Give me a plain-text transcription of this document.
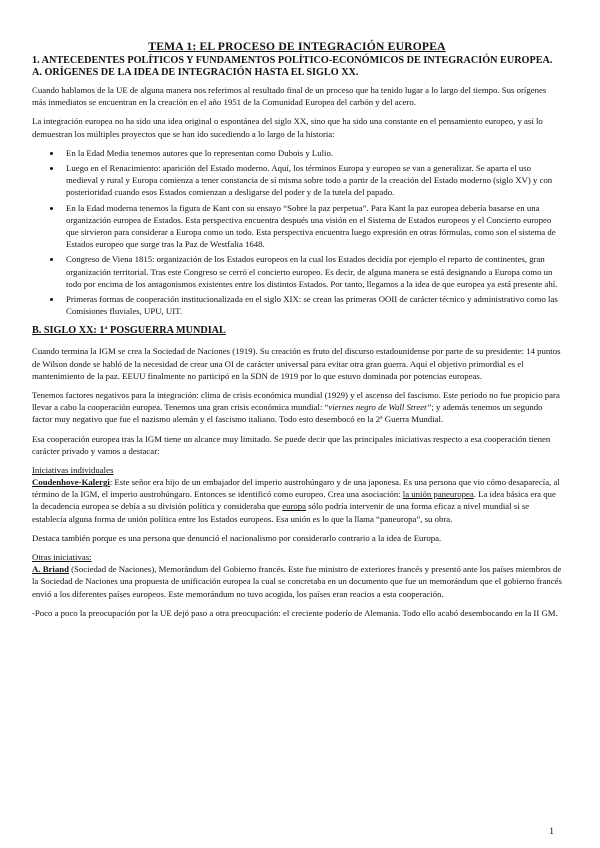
TEMA 1: EL PROCESO DE INTEGRACIÓN EUROPEA
1. ANTECEDENTES POLÍTICOS Y FUNDAMENTOS POLÍTICO-ECONÓMICOS DE INTEGRACIÓN EUROPEA.
A. ORÍGENES DE LA IDEA DE INTEGRACIÓN HASTA EL SIGLO XX.

Cuando hablamos de la UE de alguna manera nos referimos al resultado final de un proceso que ha tenido lugar a lo largo del tiempo. Sus orígenes más inmediatos se encuentran en la creación en el año 1951 de la Comunidad Europea del carbón y del acero.

La integración europea no ha sido una idea original o espontánea del siglo XX, sino que ha sido una constante en el pensamiento europeo, y así lo demuestran los múltiples proyectos que se han ido sucediendo a lo largo de la historia:

• En la Edad Media tenemos autores que lo representan como Dubois y Lulio.
• Luego en el Renacimiento: aparición del Estado moderno. Aquí, los términos Europa y europeo se van a generalizar. Se aparta el uso medieval y rural y Europa comienza a tener constancia de sí misma sobre todo a partir de la creación del Estado moderno (siglo XV) y con posterioridad cuando esos Estados comienzan a desligarse del poder y de la tutela del papado.
• En la Edad moderna tenemos la figura de Kant con su ensayo “Sobre la paz perpetua”. Para Kant la paz europea debería basarse en una organización europea de Estados. Esta perspectiva encuentra después una visión en el Sistema de Estados europeos y el Concierto europeo que sirvieron para considerar a Europa como un todo. Esta perspectiva encuentra luego expresión en otras fórmulas, como son el sistema de Estados europeo que surge tras la Paz de Westfalia 1648.
• Congreso de Viena 1815: organización de los Estados europeos en la cual los Estados decidía por ejemplo el reparto de continentes, gran organización territorial. Tras este Congreso se cerró el concierto europeo. Es decir, de alguna manera se está designando a Europa como un todo por encima de los antagonismos existentes entre los distintos Estados. Por tanto, llegamos a la idea de que europea ya está presente ahí.
• Primeras formas de cooperación institucionalizada en el siglo XIX: se crean las primeras OOII de carácter técnico y administrativo como las Comisiones fluviales, UPU, UIT.
B. SIGLO XX: 1ª POSGUERRA MUNDIAL

Cuando termina la IGM se crea la Sociedad de Naciones (1919). Su creación es fruto del discurso estadounidense por parte de su presidente: 14 puntos de Wilson donde se habló de la necesidad de crear una OI de carácter universal para evitar otra gran guerra. Aquí el objetivo primordial es el mantenimiento de la paz. EEUU finalmente no participó en la SDN de 1919 por lo que estuvo dominada por potencias europeas.

Tenemos factores negativos para la integración: clima de crisis económica mundial (1929) y el ascenso del fascismo. Este periodo no fue propicio para llevar a cabo la cooperación europea. Tenemos una gran crisis económica mundial: “viernes negro de Wall Street”; y además tenemos un segundo factor muy negativo que fue el nazismo alemán y el fascismo italiano. Todo esto desembocó en la 2ª Guerra Mundial.

Esa cooperación europea tras la IGM tiene un alcance muy limitado. Se puede decir que las principales iniciativas respecto a esa cooperación tienen carácter privado y vamos a destacar:

Iniciativas individuales

Coudenhove-Kalergi: Este señor era hijo de un embajador del imperio austrohúngaro y de una japonesa. Es una persona que vio cómo desaparecía, al término de la IGM, el imperio austrohúngaro. Entonces se identificó como europeo. Crea una asociación: la unión paneuropea. La idea básica era que la decadencia europea se debía a su división política y consideraba que europa sólo podría intervenir de una forma eficaz a nivel mundial si se establecía alguna forma de unión política entre los Estados europeos. Esa unión es lo que la llama “paneuropa”, su obra.

Destaca también porque es una persona que denunció el nacionalismo por considerarlo contrario a la idea de Europa.

Otras iniciativas:

A. Briand (Sociedad de Naciones), Memorándum del Gobierno francés. Este fue ministro de exteriores francés y presentó ante los países miembros de la Sociedad de Naciones una propuesta de unificación europea la cual se concretaba en un documento que fue un memorándum que el gobierno francés envió a los diferentes países europeos. Este memorándum no tuvo acogida, los países eran reacios a esta cooperación.

-Poco a poco la preocupación por la UE dejó paso a otra preocupación: el creciente poderío de Alemania. Todo ello acabó desembocando en la II GM.

1
